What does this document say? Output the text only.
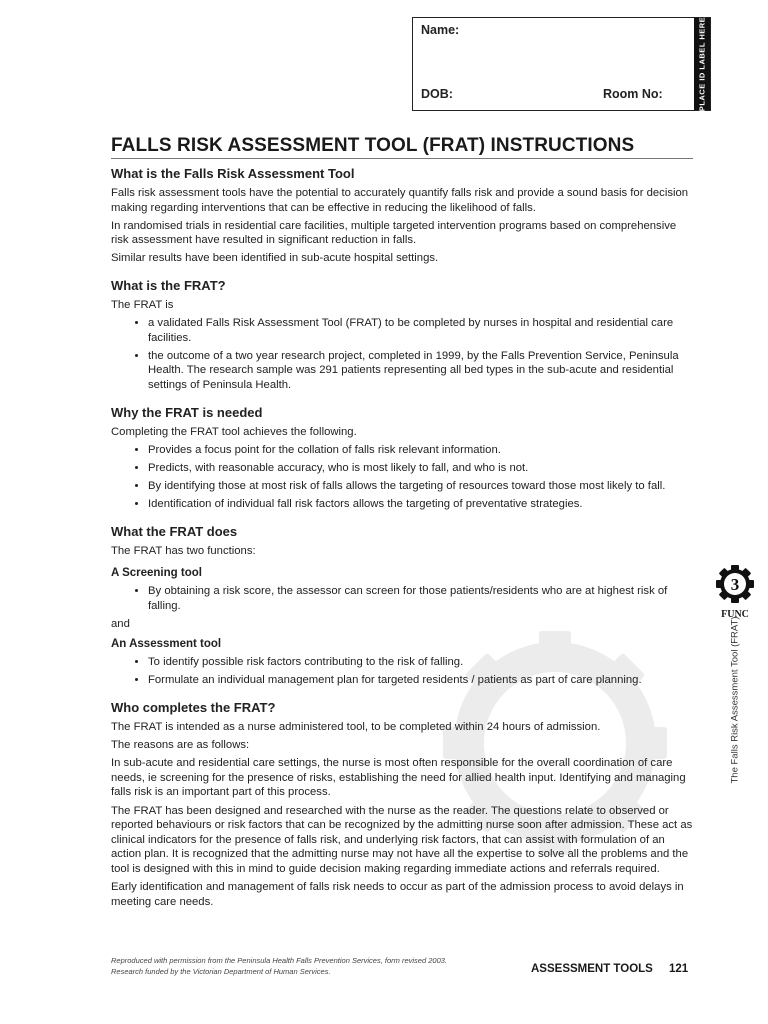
Name:
DOB:	Room No:	PLACE ID LABEL HERE
FALLS RISK ASSESSMENT TOOL (FRAT) INSTRUCTIONS
What is the Falls Risk Assessment Tool

Falls risk assessment tools have the potential to accurately quantify falls risk and provide a sound basis for decision making regarding interventions that can be effective in reducing the likelihood of falls.

In randomised trials in residential care facilities, multiple targeted intervention programs based on comprehensive risk assessment have resulted in significant reduction in falls.

Similar results have been identified in sub-acute hospital settings.

What is the FRAT?

The FRAT is

• a validated Falls Risk Assessment Tool (FRAT) to be completed by nurses in hospital and residential care facilities.
• the outcome of a two year research project, completed in 1999, by the Falls Prevention Service, Peninsula Health. The research sample was 291 patients representing all bed types in the sub-acute and residential settings of Peninsula Health.
Why the FRAT is needed

Completing the FRAT tool achieves the following.

• Provides a focus point for the collation of falls risk relevant information.
• Predicts, with reasonable accuracy, who is most likely to fall, and who is not.
• By identifying those at most risk of falls allows the targeting of resources toward those most likely to fall.
• Identification of individual fall risk factors allows the targeting of preventative strategies.
What the FRAT does

The FRAT has two functions:

A Screening tool
• By obtaining a risk score, the assessor can screen for those patients/residents who are at highest risk of falling.

and

An Assessment tool
• To identify possible risk factors contributing to the risk of falling.
• Formulate an individual management plan for targeted residents / patients as part of care planning.
Who completes the FRAT?

The FRAT is intended as a nurse administered tool, to be completed within 24 hours of admission.

The reasons are as follows:

In sub-acute and residential care settings, the nurse is most often responsible for the overall coordination of care needs, ie screening for the presence of risks, establishing the need for allied health input. Identifying and managing falls risk is an important part of this process.

The FRAT has been designed and researched with the nurse as the reader. The questions relate to observed or reported behaviours or risk factors that can be recognized by the admitting nurse soon after admission. These act as clinical indicators for the presence of falls risk, and underlying risk factors, that can assist with formulation of an action plan. It is recognized that the admitting nurse may not have all the expertise to solve all the problems and the tool is designed with this in mind to guide decision making regarding immediate actions and referrals required.

Early identification and management of falls risk needs to occur as part of the admission process to avoid delays in meeting care needs.

3
FUNC
The Falls Risk Assessment Tool (FRAT)
Reproduced with permission from the Peninsula Health Falls Prevention Services, form revised 2003.
Research funded by the Victorian Department of Human Services.	ASSESSMENT TOOLS 121
